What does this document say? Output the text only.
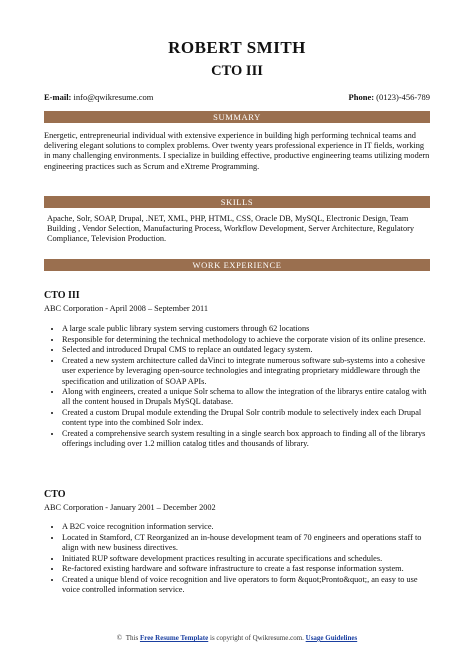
ROBERT SMITH
CTO III
E-mail: info@qwikresume.com	Phone: (0123)-456-789
SUMMARY

Energetic, entrepreneurial individual with extensive experience in building high performing technical teams and delivering elegant solutions to complex problems. Over twenty years professional experience in IT fields, working in many challenging environments. I specialize in building effective, productive engineering teams utilizing modern engineering practices such as Scrum and eXtreme Programming.

SKILLS

Apache, Solr, SOAP, Drupal, .NET, XML, PHP, HTML, CSS, Oracle DB, MySQL, Electronic Design, Team Building , Vendor Selection, Manufacturing Process, Workflow Development, Server Architecture, Regulatory Compliance, Television Production.

WORK EXPERIENCE
CTO III
ABC Corporation - April 2008 – September 2011
• A large scale public library system serving customers through 62 locations
• Responsible for determining the technical methodology to achieve the corporate vision of its online presence.
• Selected and introduced Drupal CMS to replace an outdated legacy system.
• Created a new system architecture called daVinci to integrate numerous software sub-systems into a cohesive user experience by leveraging open-source technologies and integrating proprietary middleware through the specification and utilization of SOAP APIs.
• Along with engineers, created a unique Solr schema to allow the integration of the librarys entire catalog with all the content housed in Drupals MySQL database.
• Created a custom Drupal module extending the Drupal Solr contrib module to selectively index each Drupal content type into the combined Solr index.
• Created a comprehensive search system resulting in a single search box approach to finding all of the librarys offerings including over 1.2 million catalog titles and thousands of library.
CTO
ABC Corporation - January 2001 – December 2002
• A B2C voice recognition information service.
• Located in Stamford, CT Reorganized an in-house development team of 70 engineers and operations staff to align with new business directives.
• Initiated RUP software development practices resulting in accurate specifications and schedules.
• Re-factored existing hardware and software infrastructure to create a fast response information system.
• Created a unique blend of voice recognition and live operators to form &quot;Pronto&quot;, an easy to use voice controlled information service.
© This Free Resume Template is copyright of Qwikresume.com. Usage Guidelines
